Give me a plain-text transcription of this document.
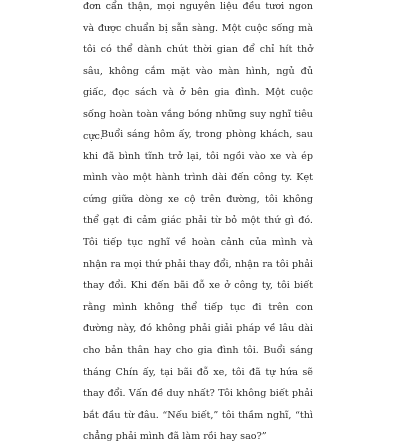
đơn cẩn thận, mọi nguyên liệu đều tươi ngon và được chuẩn bị sẵn sàng. Một cuộc sống mà tôi có thể dành chút thời gian để chỉ hít thở sâu, không cắm mặt vào màn hình, ngủ đủ giấc, đọc sách và ở bên gia đình. Một cuộc sống hoàn toàn vắng bóng những suy nghĩ tiêu cực.

Buổi sáng hôm ấy, trong phòng khách, sau khi đã bình tĩnh trở lại, tôi ngồi vào xe và ép mình vào một hành trình dài đến công ty. Kẹt cứng giữa dòng xe cộ trên đường, tôi không thể gạt đi cảm giác phải từ bỏ một thứ gì đó. Tôi tiếp tục nghĩ về hoàn cảnh của mình và nhận ra mọi thứ phải thay đổi, nhận ra tôi phải thay đổi. Khi đến bãi đỗ xe ở công ty, tôi biết rằng mình không thể tiếp tục đi trên con đường này, đó không phải giải pháp về lâu dài cho bản thân hay cho gia đình tôi. Buổi sáng tháng Chín ấy, tại bãi đỗ xe, tôi đã tự hứa sẽ thay đổi. Vấn đề duy nhất? Tôi không biết phải bắt đầu từ đâu. “Nếu biết,” tôi thầm nghĩ, “thì chẳng phải mình đã làm rồi hay sao?”
